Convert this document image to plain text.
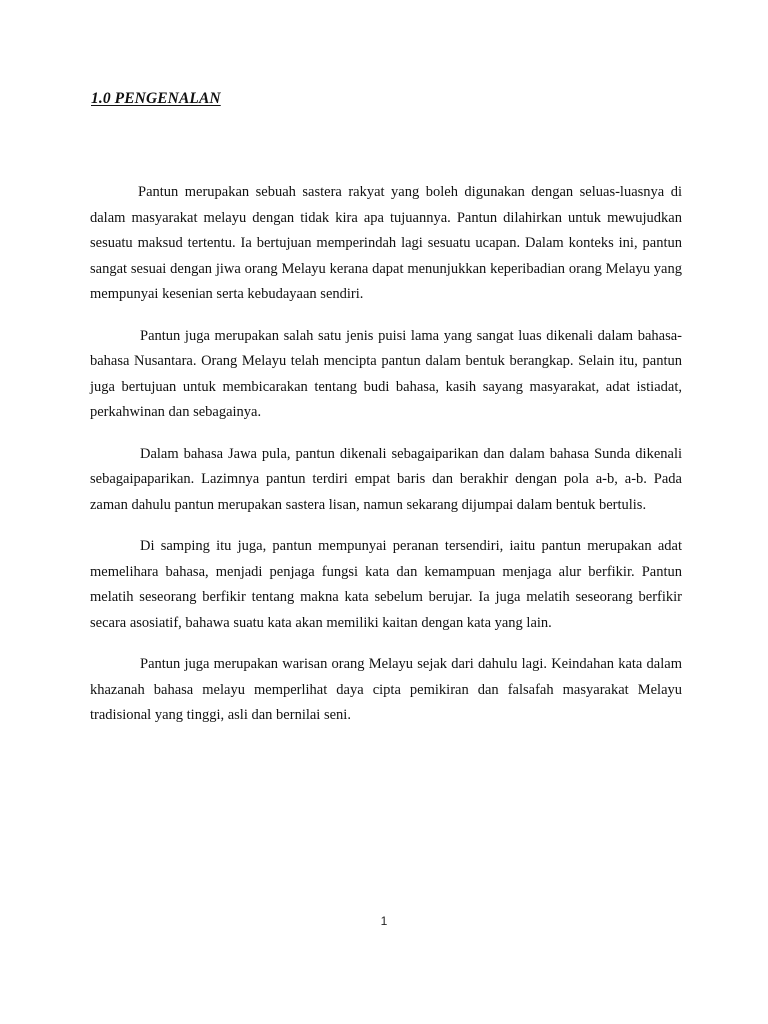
1.0 PENGENALAN

Pantun merupakan sebuah sastera rakyat yang boleh digunakan dengan seluas-luasnya di dalam masyarakat melayu dengan tidak kira apa tujuannya. Pantun dilahirkan untuk mewujudkan sesuatu maksud tertentu. Ia bertujuan memperindah lagi sesuatu ucapan. Dalam konteks ini, pantun sangat sesuai dengan jiwa orang Melayu kerana dapat menunjukkan keperibadian orang Melayu yang mempunyai kesenian serta kebudayaan sendiri.

Pantun juga merupakan salah satu jenis puisi lama yang sangat luas dikenali dalam bahasa-bahasa Nusantara. Orang Melayu telah mencipta pantun dalam bentuk berangkap. Selain itu, pantun juga bertujuan untuk membicarakan tentang budi bahasa, kasih sayang masyarakat, adat istiadat, perkahwinan dan sebagainya.

Dalam bahasa Jawa pula, pantun dikenali sebagaiparikan dan dalam bahasa Sunda dikenali sebagaipaparikan. Lazimnya pantun terdiri empat baris dan berakhir dengan pola a-b, a-b. Pada zaman dahulu pantun merupakan sastera lisan, namun sekarang dijumpai dalam bentuk bertulis.

Di samping itu juga, pantun mempunyai peranan tersendiri, iaitu pantun merupakan adat memelihara bahasa, menjadi penjaga fungsi kata dan kemampuan menjaga alur berfikir. Pantun melatih seseorang berfikir tentang makna kata sebelum berujar. Ia juga melatih seseorang berfikir secara asosiatif, bahawa suatu kata akan memiliki kaitan dengan kata yang lain.

Pantun juga merupakan warisan orang Melayu sejak dari dahulu lagi. Keindahan kata dalam khazanah bahasa melayu memperlihat daya cipta pemikiran dan falsafah masyarakat Melayu tradisional yang tinggi, asli dan bernilai seni.

1
